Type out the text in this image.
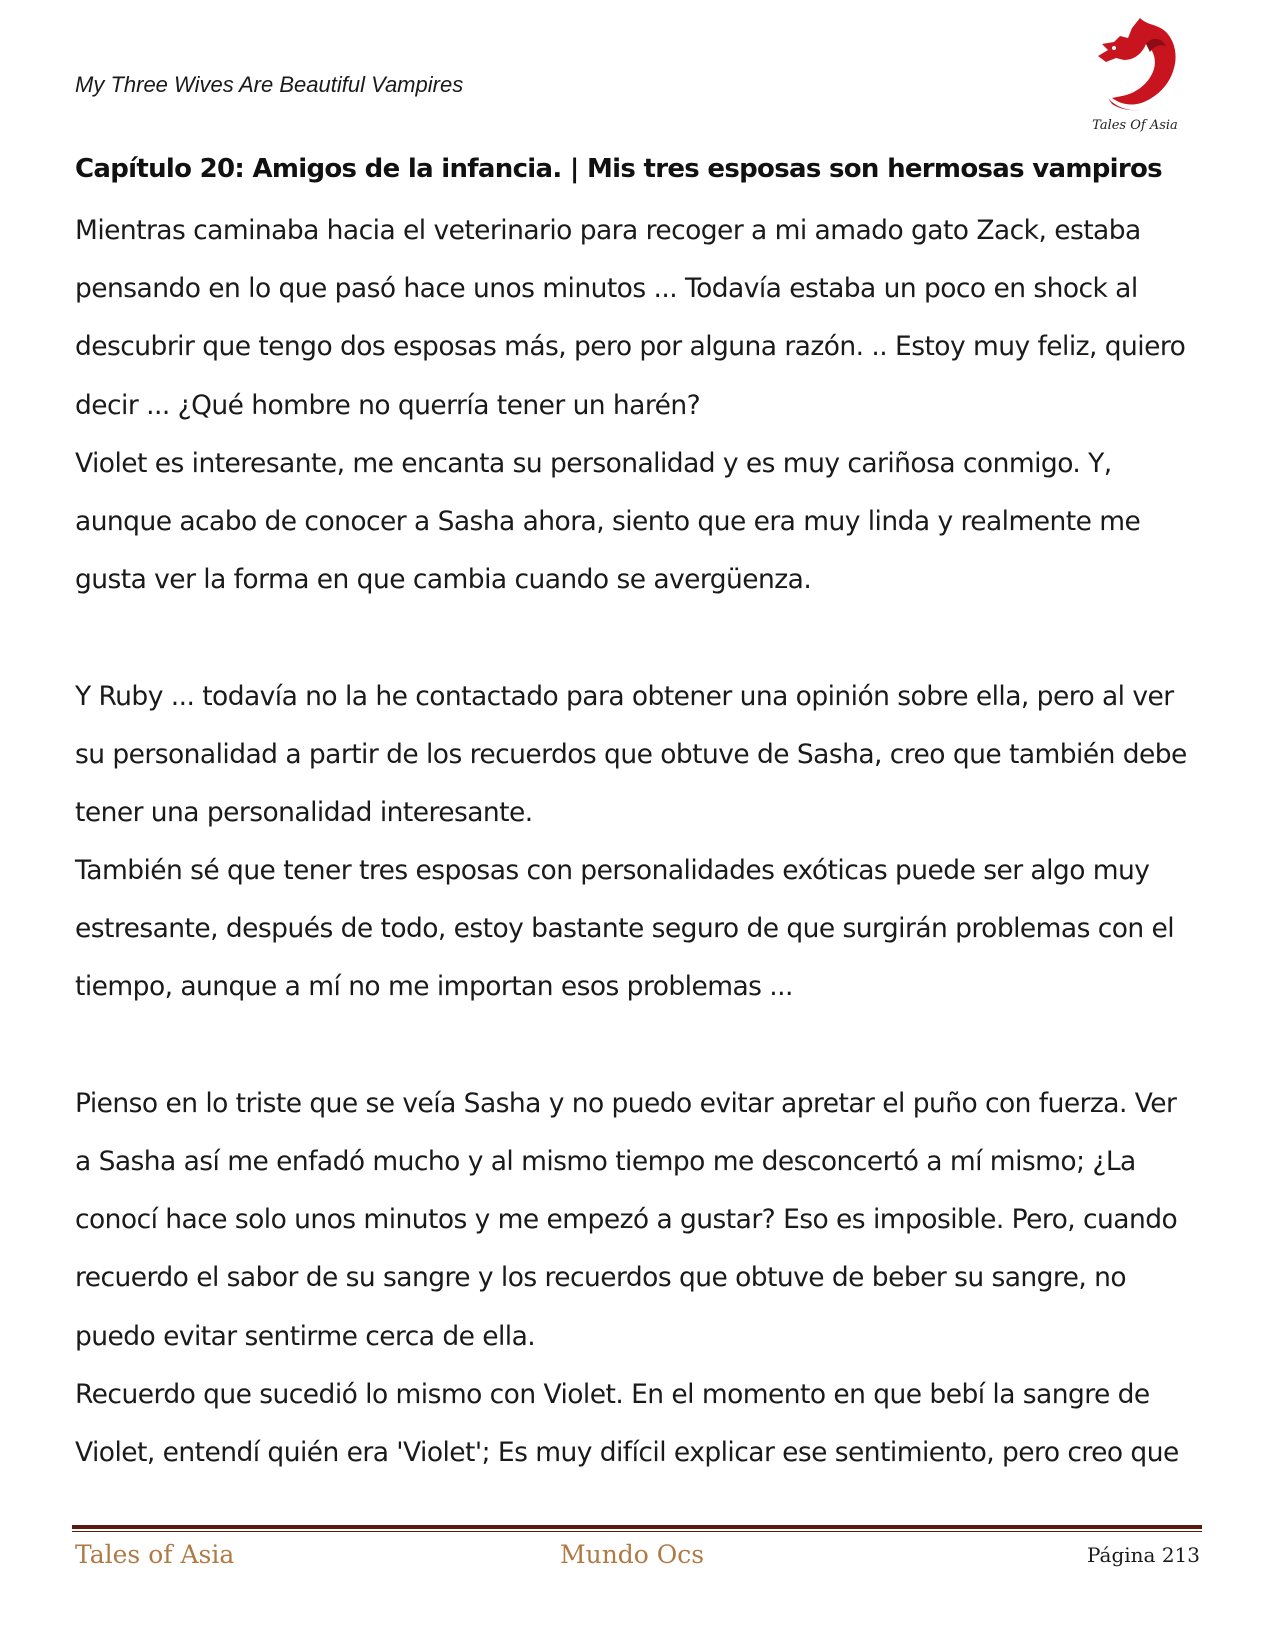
My Three Wives Are Beautiful Vampires
Tales Of Asia
Capítulo 20: Amigos de la infancia. | Mis tres esposas son hermosas vampiros
Mientras caminaba hacia el veterinario para recoger a mi amado gato Zack, estaba
pensando en lo que pasó hace unos minutos ... Todavía estaba un poco en shock al
descubrir que tengo dos esposas más, pero por alguna razón. .. Estoy muy feliz, quiero
decir ... ¿Qué hombre no querría tener un harén?
Violet es interesante, me encanta su personalidad y es muy cariñosa conmigo. Y,
aunque acabo de conocer a Sasha ahora, siento que era muy linda y realmente me
gusta ver la forma en que cambia cuando se avergüenza.
Y Ruby ... todavía no la he contactado para obtener una opinión sobre ella, pero al ver
su personalidad a partir de los recuerdos que obtuve de Sasha, creo que también debe
tener una personalidad interesante.
También sé que tener tres esposas con personalidades exóticas puede ser algo muy
estresante, después de todo, estoy bastante seguro de que surgirán problemas con el
tiempo, aunque a mí no me importan esos problemas ...
Pienso en lo triste que se veía Sasha y no puedo evitar apretar el puño con fuerza. Ver
a Sasha así me enfadó mucho y al mismo tiempo me desconcertó a mí mismo; ¿La
conocí hace solo unos minutos y me empezó a gustar? Eso es imposible. Pero, cuando
recuerdo el sabor de su sangre y los recuerdos que obtuve de beber su sangre, no
puedo evitar sentirme cerca de ella.
Recuerdo que sucedió lo mismo con Violet. En el momento en que bebí la sangre de
Violet, entendí quién era 'Violet'; Es muy difícil explicar ese sentimiento, pero creo que
Tales of Asia	Mundo Ocs	Página 213
